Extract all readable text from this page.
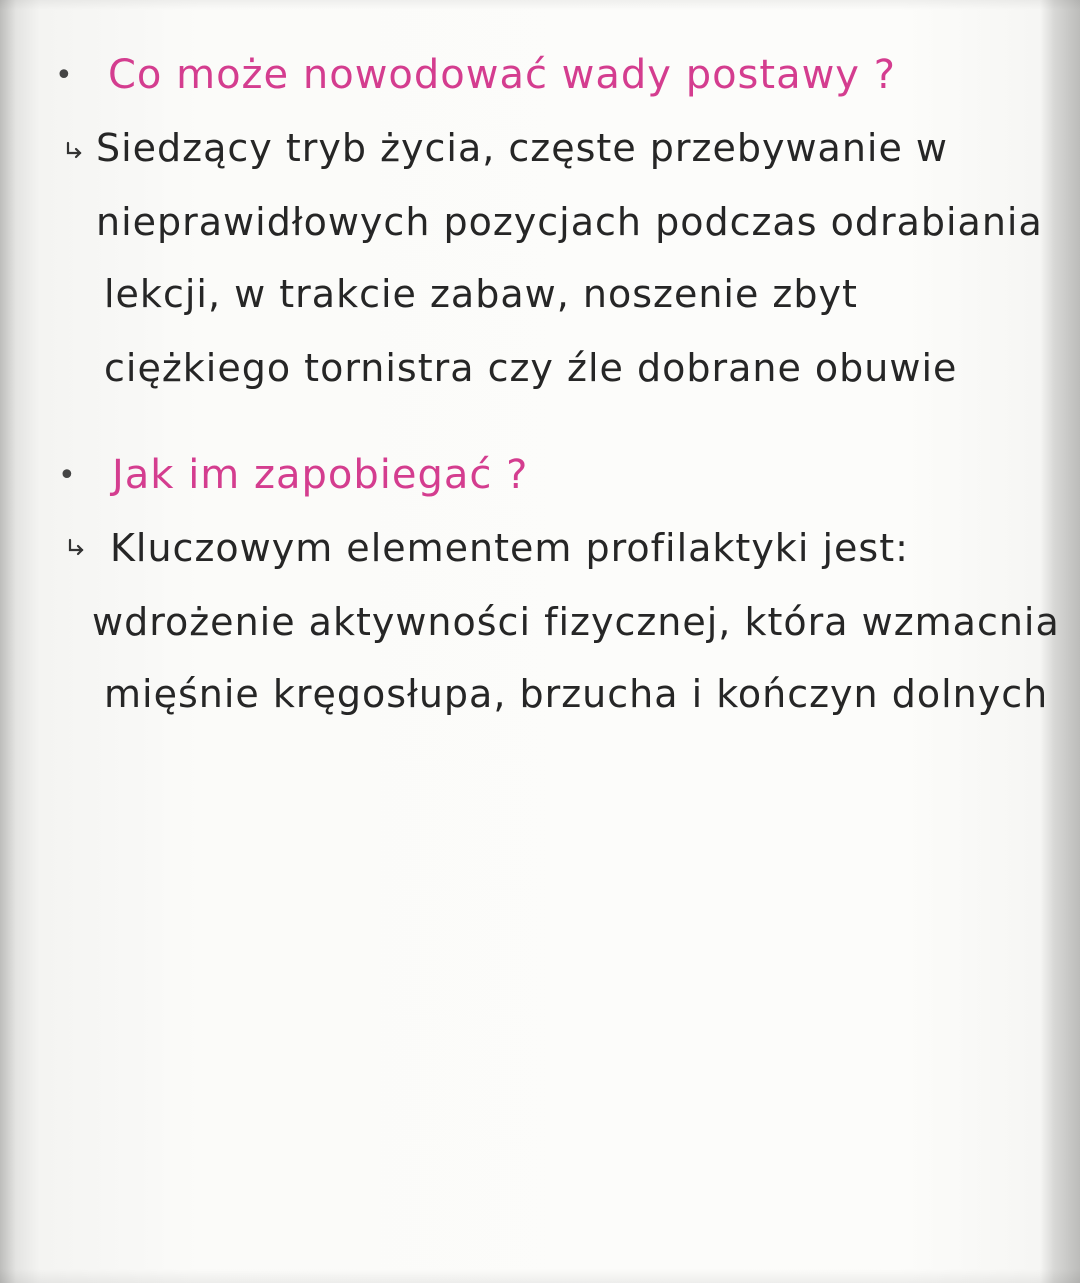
• Co może nowodować wady postawy ?
Siedzący tryb życia, częste przebywanie w
nieprawidłowych pozycjach podczas odrabiania
lekcji, w trakcie zabaw, noszenie zbyt
ciężkiego tornistra czy źle dobrane obuwie
• Jak im zapobiegać ?
Kluczowym elementem profilaktyki jest:
wdrożenie aktywności fizycznej, która wzmacnia
mięśnie kręgosłupa, brzucha i kończyn dolnych
